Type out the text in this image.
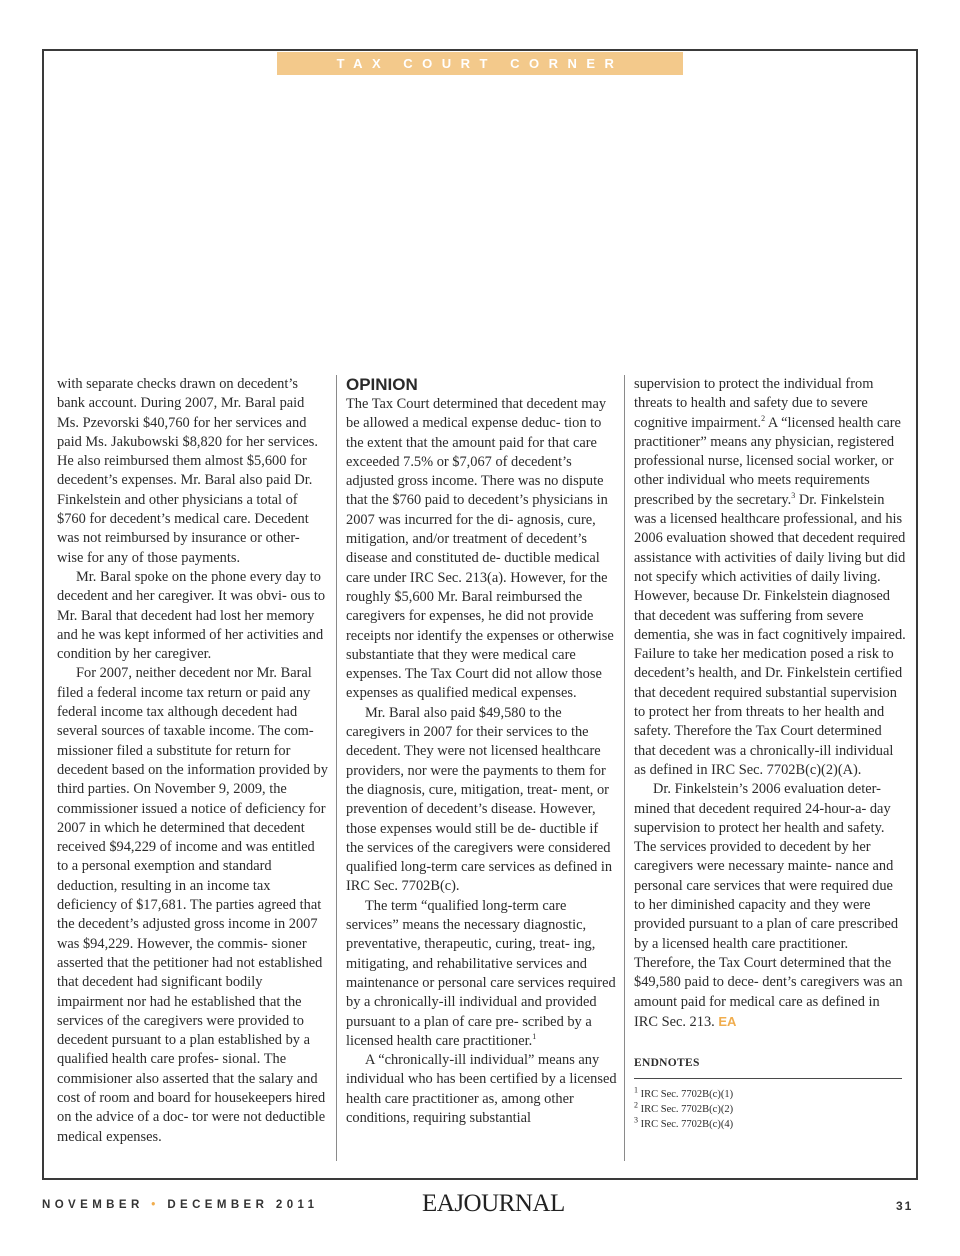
TAX COURT CORNER

with separate checks drawn on decedent’s bank account. During 2007, Mr. Baral paid Ms. Pzevorski $40,760 for her services and paid Ms. Jakubowski $8,820 for her services. He also reimbursed them almost $5,600 for decedent’s expenses. Mr. Baral also paid Dr. Finkelstein and other physicians a total of $760 for decedent’s medical care. Decedent was not reimbursed by insurance or other- wise for any of those payments.

Mr. Baral spoke on the phone every day to decedent and her caregiver. It was obvi- ous to Mr. Baral that decedent had lost her memory and he was kept informed of her activities and condition by her caregiver.

For 2007, neither decedent nor Mr. Baral filed a federal income tax return or paid any federal income tax although decedent had several sources of taxable income. The com- missioner filed a substitute for return for decedent based on the information provided by third parties. On November 9, 2009, the commissioner issued a notice of deficiency for 2007 in which he determined that decedent received $94,229 of income and was entitled to a personal exemption and standard deduction, resulting in an income tax deficiency of $17,681. The parties agreed that the decedent’s adjusted gross income in 2007 was $94,229. However, the commis- sioner asserted that the petitioner had not established that decedent had significant bodily impairment nor had he established that the services of the caregivers were provided to decedent pursuant to a plan established by a qualified health care profes- sional. The commisioner also asserted that the salary and cost of room and board for housekeepers hired on the advice of a doc- tor were not deductible medical expenses.

OPINION

The Tax Court determined that decedent may be allowed a medical expense deduc- tion to the extent that the amount paid for that care exceeded 7.5% or $7,067 of decedent’s adjusted gross income. There was no dispute that the $760 paid to decedent’s physicians in 2007 was incurred for the di- agnosis, cure, mitigation, and/or treatment of decedent’s disease and constituted de- ductible medical care under IRC Sec. 213(a). However, for the roughly $5,600 Mr. Baral reimbursed the caregivers for expenses, he did not provide receipts nor identify the expenses or otherwise substantiate that they were medical care expenses. The Tax Court did not allow those expenses as qualified medical expenses.

Mr. Baral also paid $49,580 to the caregivers in 2007 for their services to the decedent. They were not licensed healthcare providers, nor were the payments to them for the diagnosis, cure, mitigation, treat- ment, or prevention of decedent’s disease. However, those expenses would still be de- ductible if the services of the caregivers were considered qualified long-term care services as defined in IRC Sec. 7702B(c).

The term “qualified long-term care services” means the necessary diagnostic, preventative, therapeutic, curing, treat- ing, mitigating, and rehabilitative services and maintenance or personal care services required by a chronically-ill individual and provided pursuant to a plan of care pre- scribed by a licensed health care practitioner.$^1$

A “chronically-ill individual” means any individual who has been certified by a licensed health care practitioner as, among other conditions, requiring substantial

supervision to protect the individual from threats to health and safety due to severe cognitive impairment.$^2$ A “licensed health care practitioner” means any physician, registered professional nurse, licensed social worker, or other individual who meets requirements prescribed by the secretary.$^3$ Dr. Finkelstein was a licensed healthcare professional, and his 2006 evaluation showed that decedent required assistance with activities of daily living but did not specify which activities of daily living. However, because Dr. Finkelstein diagnosed that decedent was suffering from severe dementia, she was in fact cognitively impaired. Failure to take her medication posed a risk to decedent’s health, and Dr. Finkelstein certified that decedent required substantial supervision to protect her from threats to her health and safety. Therefore the Tax Court determined that decedent was a chronically-ill individual as defined in IRC Sec. 7702B(c)(2)(A).

Dr. Finkelstein’s 2006 evaluation deter- mined that decedent required 24-hour-a- day supervision to protect her health and safety. The services provided to decedent by her caregivers were necessary mainte- nance and personal care services that were required due to her diminished capacity and they were provided pursuant to a plan of care prescribed by a licensed health care practitioner. Therefore, the Tax Court determined that the $49,580 paid to dece- dent’s caregivers was an amount paid for medical care as defined in IRC Sec. 213. EA

ENDNOTES
$^1$ IRC Sec. 7702B(c)(1)
$^2$ IRC Sec. 7702B(c)(2)
$^3$ IRC Sec. 7702B(c)(4)
NOVEMBER • DECEMBER 2011	EAJOURNAL	31
